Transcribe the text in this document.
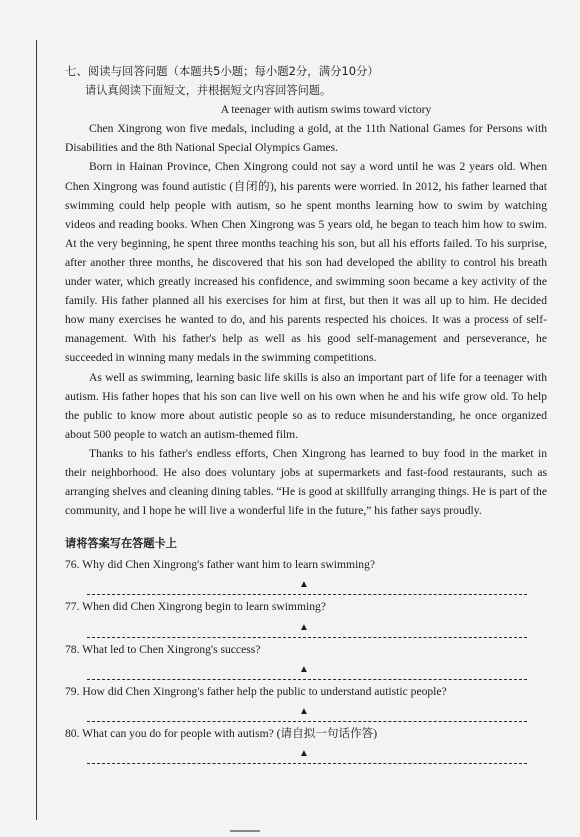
七、阅读与回答问题（本题共5小题；每小题2分，满分10分）
请认真阅读下面短文，并根据短文内容回答问题。
A teenager with autism swims toward victory

Chen Xingrong won five medals, including a gold, at the 11th National Games for Persons with Disabilities and the 8th National Special Olympics Games.

Born in Hainan Province, Chen Xingrong could not say a word until he was 2 years old. When Chen Xingrong was found autistic (自闭的), his parents were worried. In 2012, his father learned that swimming could help people with autism, so he spent months learning how to swim by watching videos and reading books. When Chen Xingrong was 5 years old, he began to teach him how to swim. At the very beginning, he spent three months teaching his son, but all his efforts failed. To his surprise, after another three months, he discovered that his son had developed the ability to control his breath under water, which greatly increased his confidence, and swimming soon became a key activity of the family. His father planned all his exercises for him at first, but then it was all up to him. He decided how many exercises he wanted to do, and his parents respected his choices. It was a process of self-management. With his father's help as well as his good self-management and perseverance, he succeeded in winning many medals in the swimming competitions.

As well as swimming, learning basic life skills is also an important part of life for a teenager with autism. His father hopes that his son can live well on his own when he and his wife grow old. To help the public to know more about autistic people so as to reduce misunderstanding, he once organized about 500 people to watch an autism-themed film.

Thanks to his father's endless efforts, Chen Xingrong has learned to buy food in the market in their neighborhood. He also does voluntary jobs at supermarkets and fast-food restaurants, such as arranging shelves and cleaning dining tables. “He is good at skillfully arranging things. He is part of the community, and I hope he will live a wonderful life in the future,” his father says proudly.

请将答案写在答题卡上
76. Why did Chen Xingrong's father want him to learn swimming?
▲
77. When did Chen Xingrong begin to learn swimming?
▲
78. What led to Chen Xingrong's success?
▲
79. How did Chen Xingrong's father help the public to understand autistic people?
▲
80. What can you do for people with autism? (请自拟一句话作答)
▲
